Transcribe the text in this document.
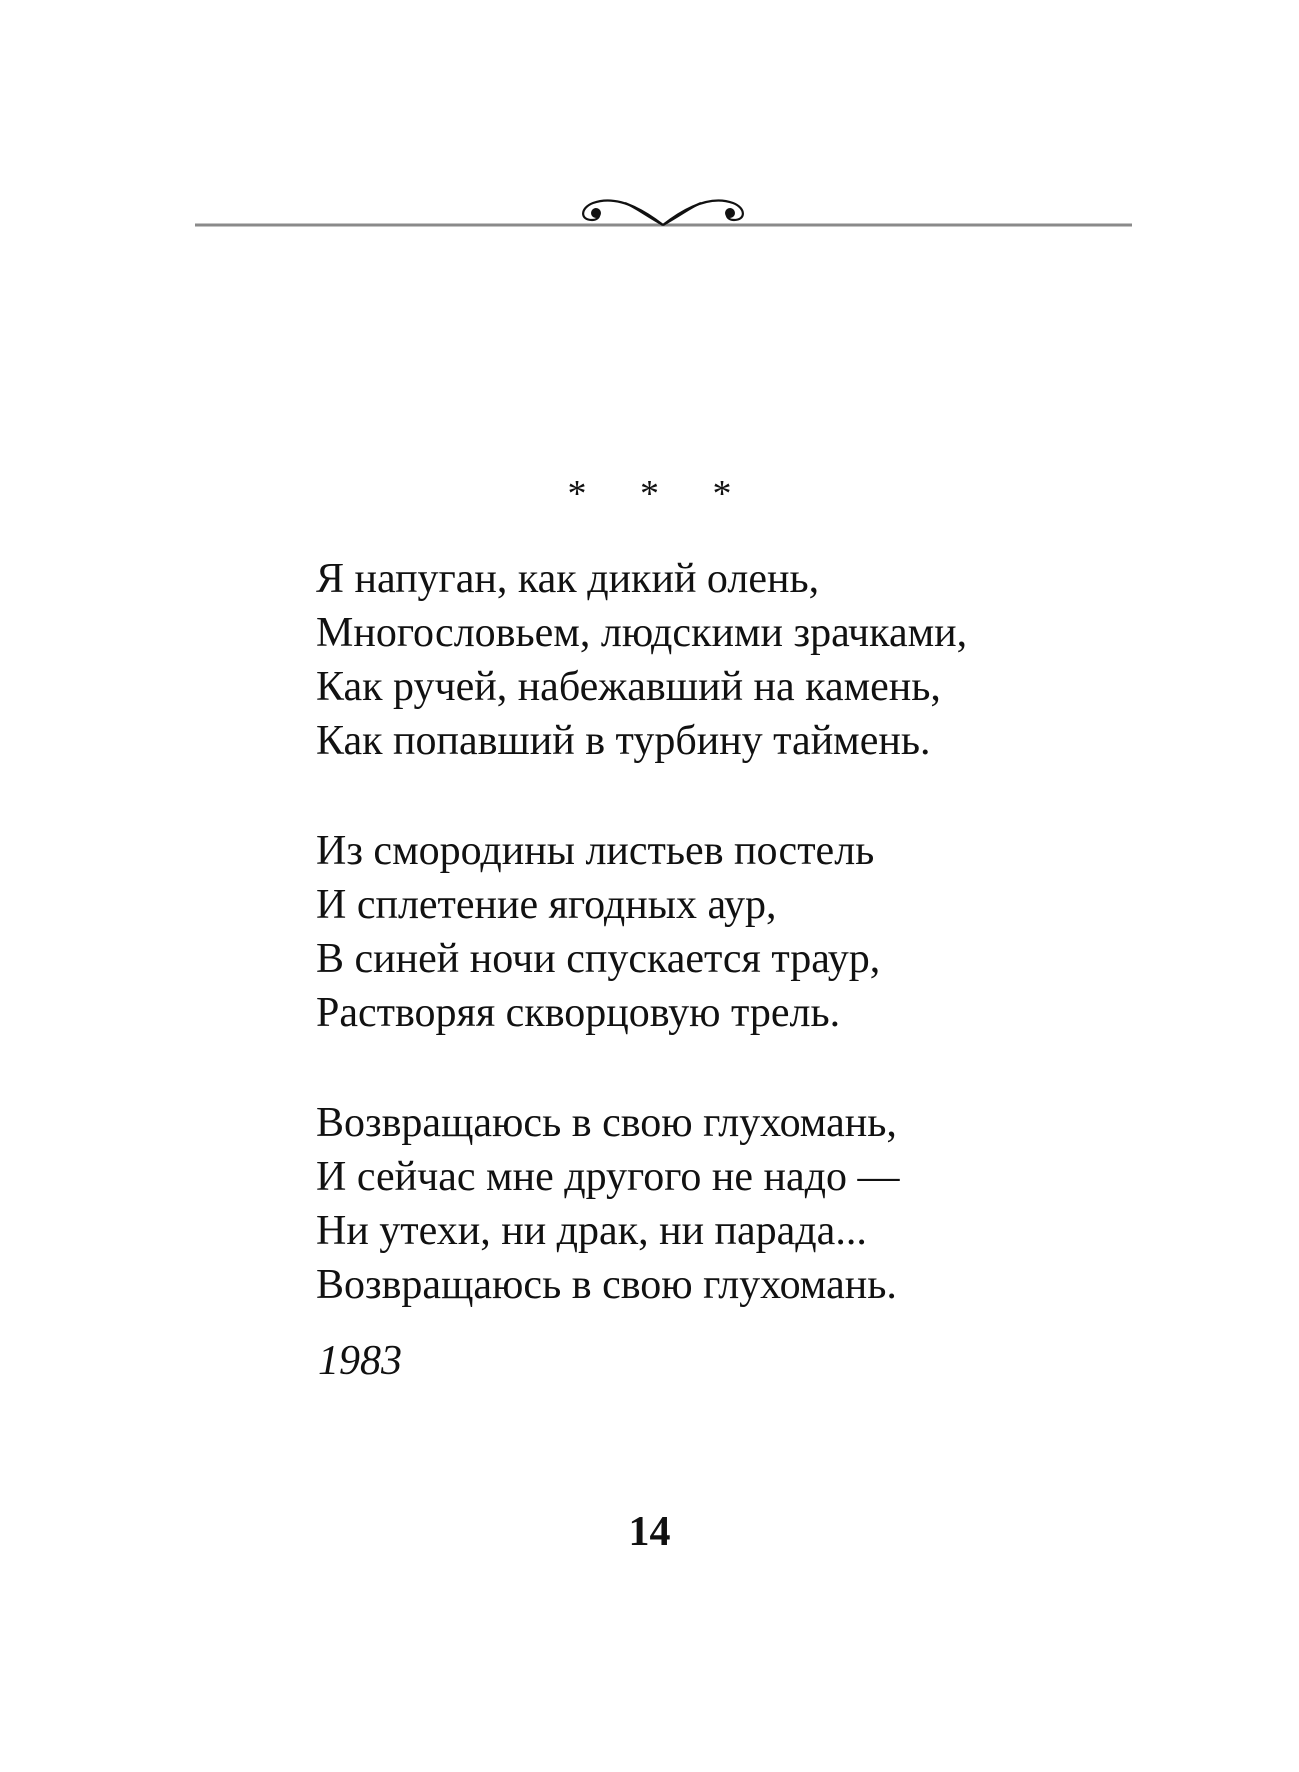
* * *
Я напуган, как дикий олень,
Многословьем, людскими зрачками,
Как ручей, набежавший на камень,
Как попавший в турбину таймень.
Из смородины листьев постель
И сплетение ягодных аур,
В синей ночи спускается траур,
Растворяя скворцовую трель.
Возвращаюсь в свою глухомань,
И сейчас мне другого не надо —
Ни утехи, ни драк, ни парада...
Возвращаюсь в свою глухомань.
1983
14
